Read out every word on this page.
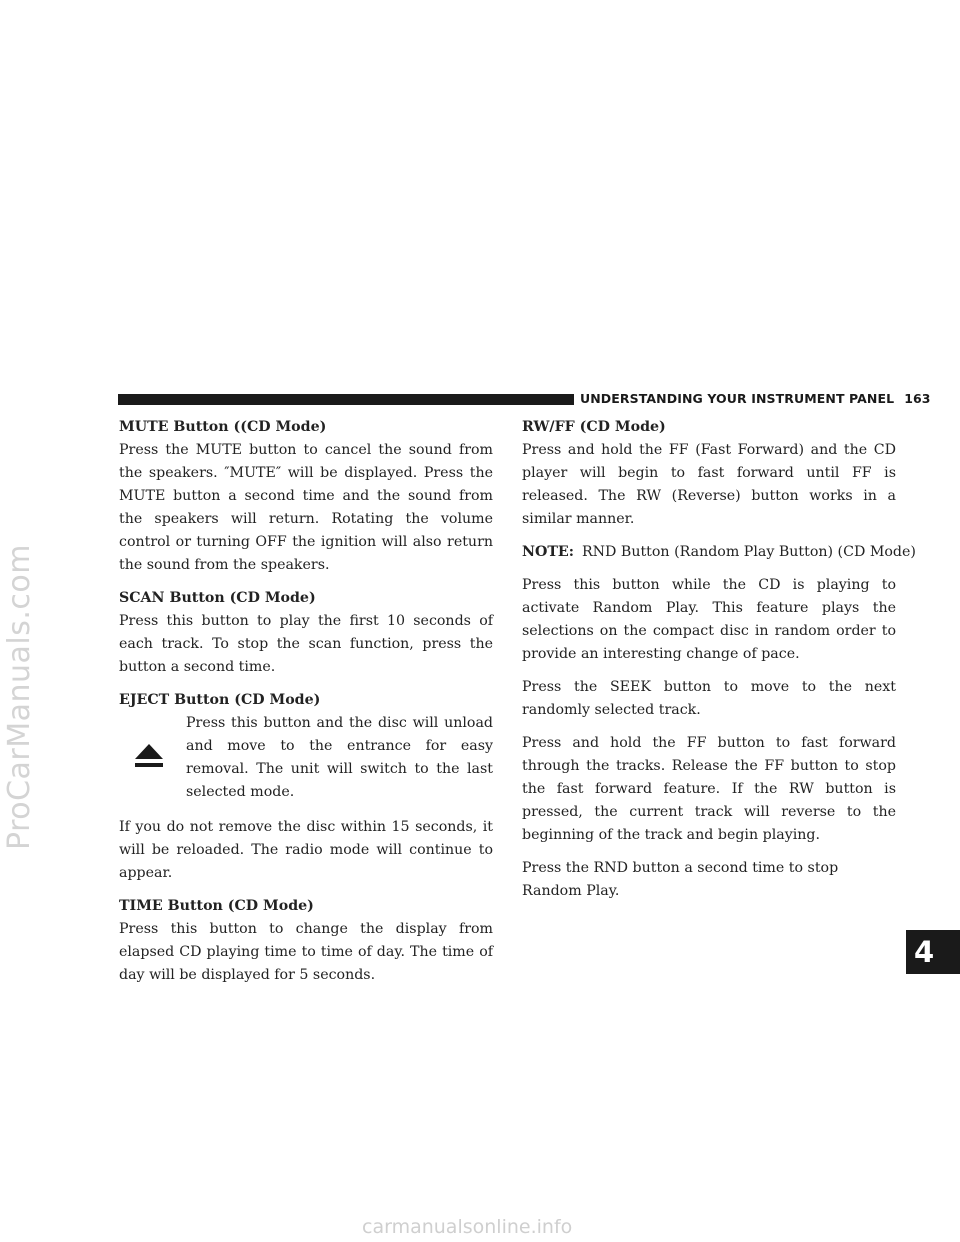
UNDERSTANDING YOUR INSTRUMENT PANEL 163
4
ProCarManuals.com
carmanualsonline.info
MUTE Button ((CD Mode)

Press the MUTE button to cancel the sound from the speakers. ″MUTE″ will be displayed. Press the MUTE button a second time and the sound from the speakers will return. Rotating the volume control or turning OFF the ignition will also return the sound from the speakers.

SCAN Button (CD Mode)

Press this button to play the first 10 seconds of each track. To stop the scan function, press the button a second time.

EJECT Button (CD Mode)

Press this button and the disc will unload and move to the entrance for easy removal. The unit will switch to the last selected mode.

If you do not remove the disc within 15 seconds, it will be reloaded. The radio mode will continue to appear.

TIME Button (CD Mode)

Press this button to change the display from elapsed CD playing time to time of day. The time of day will be displayed for 5 seconds.

RW/FF (CD Mode)

Press and hold the FF (Fast Forward) and the CD player will begin to fast forward until FF is released. The RW (Reverse) button works in a similar manner.

NOTE: RND Button (Random Play Button) (CD Mode)

Press this button while the CD is playing to activate Random Play. This feature plays the selections on the compact disc in random order to provide an interesting change of pace.

Press the SEEK button to move to the next randomly selected track.

Press and hold the FF button to fast forward through the tracks. Release the FF button to stop the fast forward feature. If the RW button is pressed, the current track will reverse to the beginning of the track and begin playing.

Press the RND button a second time to stop Random Play.
